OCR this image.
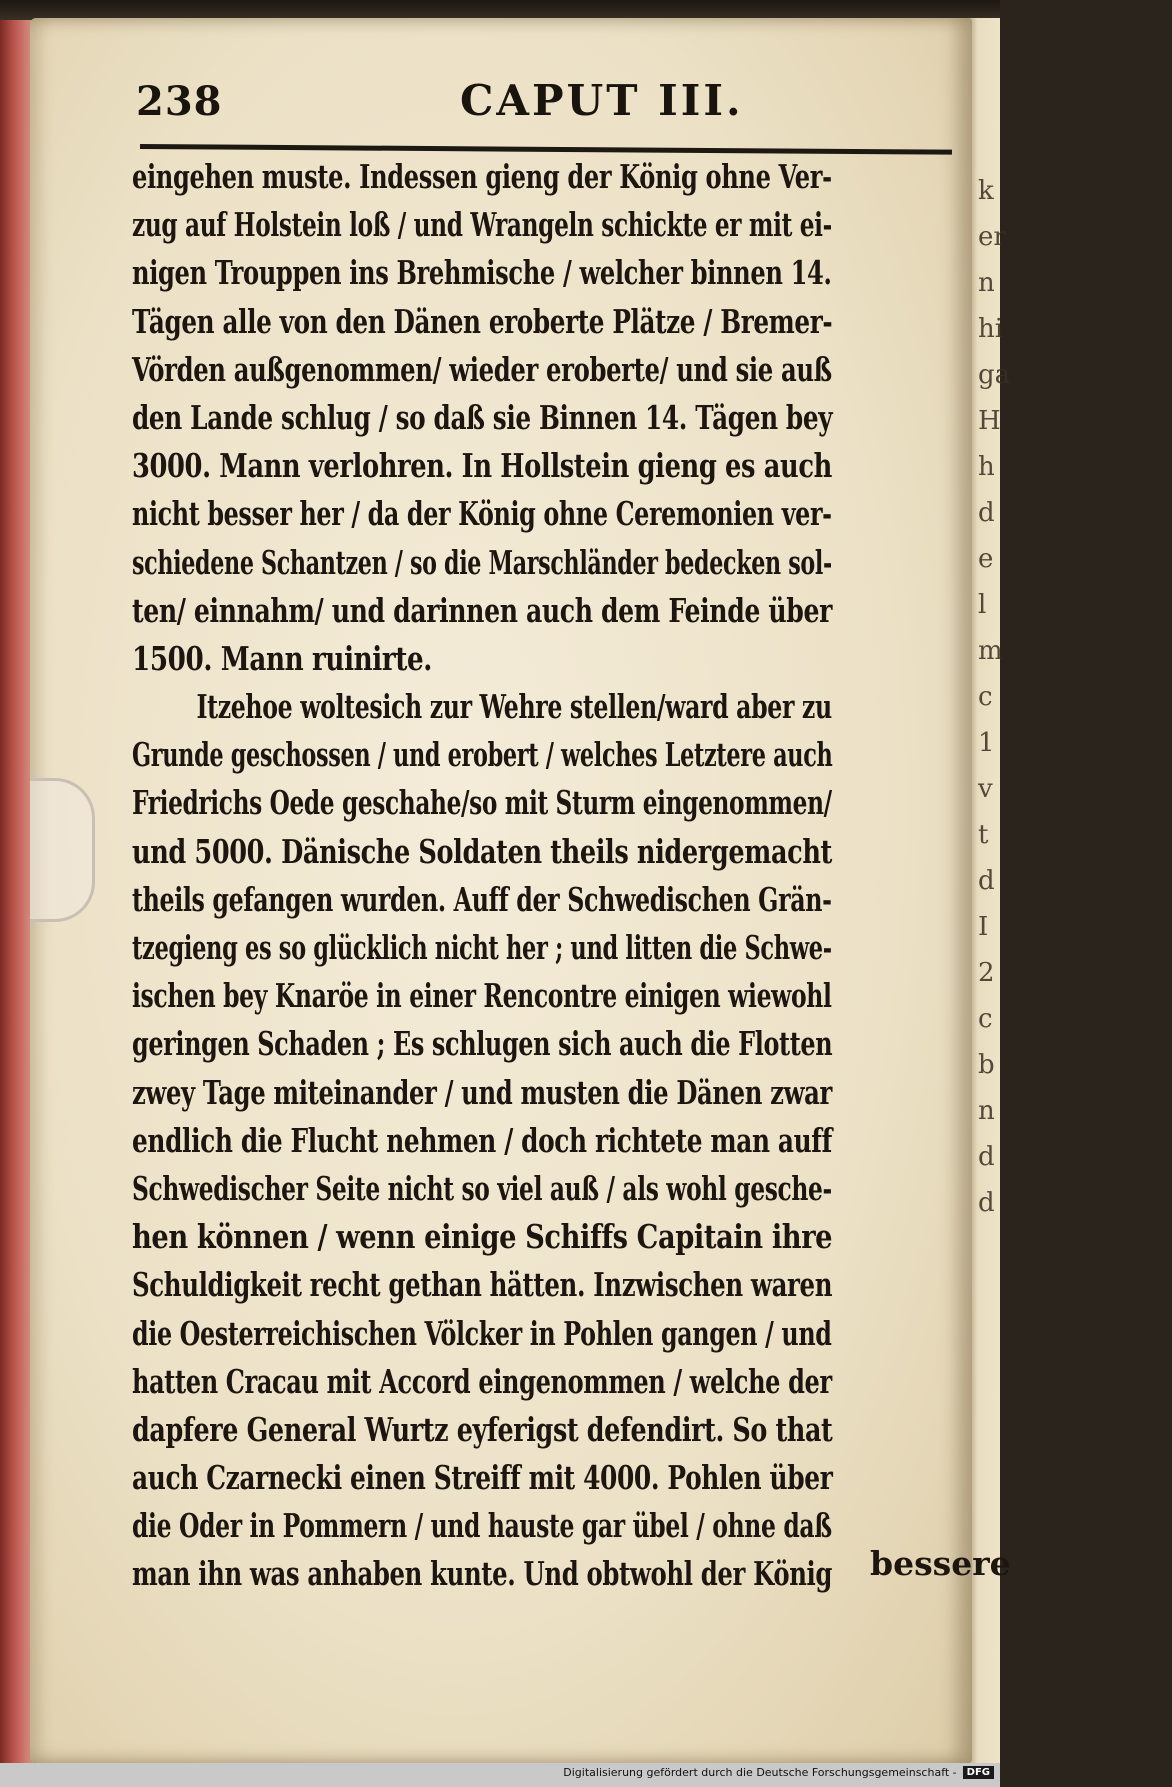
k
er
n
hi
ga
H
h
d
e
l
m
c
1
v
t
d
I
2
c
b
n
d
d
238	CAPUT III.
eingehen muste. Indessen gieng der König ohne Ver-
zug auf Holstein loß / und Wrangeln schickte er mit ei-
nigen Trouppen ins Brehmische / welcher binnen 14.
Tägen alle von den Dänen eroberte Plätze / Bremer-
Vörden außgenommen/ wieder eroberte/ und sie auß
den Lande schlug / so daß sie Binnen 14. Tägen bey
3000. Mann verlohren. In Hollstein gieng es auch
nicht besser her / da der König ohne Ceremonien ver-
schiedene Schantzen / so die Marschländer bedecken sol-
ten/ einnahm/ und darinnen auch dem Feinde über
1500. Mann ruinirte.
Itzehoe woltesich zur Wehre stellen/ward aber zu
Grunde geschossen / und erobert / welches Letztere auch
Friedrichs Oede geschahe/so mit Sturm eingenommen/
und 5000. Dänische Soldaten theils nidergemacht
theils gefangen wurden. Auff der Schwedischen Grän-
tzegieng es so glücklich nicht her ; und litten die Schwe-
ischen bey Knaröe in einer Rencontre einigen wiewohl
geringen Schaden ; Es schlugen sich auch die Flotten
zwey Tage miteinander / und musten die Dänen zwar
endlich die Flucht nehmen / doch richtete man auff
Schwedischer Seite nicht so viel auß / als wohl gesche-
hen können / wenn einige Schiffs Capitain ihre
Schuldigkeit recht gethan hätten. Inzwischen waren
die Oesterreichischen Völcker in Pohlen gangen / und
hatten Cracau mit Accord eingenommen / welche der
dapfere General Wurtz eyferigst defendirt. So that
auch Czarnecki einen Streiff mit 4000. Pohlen über
die Oder in Pommern / und hauste gar übel / ohne daß
man ihn was anhaben kunte. Und obtwohl der König	bessere
Digitalisierung gefördert durch die Deutsche Forschungsgemeinschaft -	DFG
